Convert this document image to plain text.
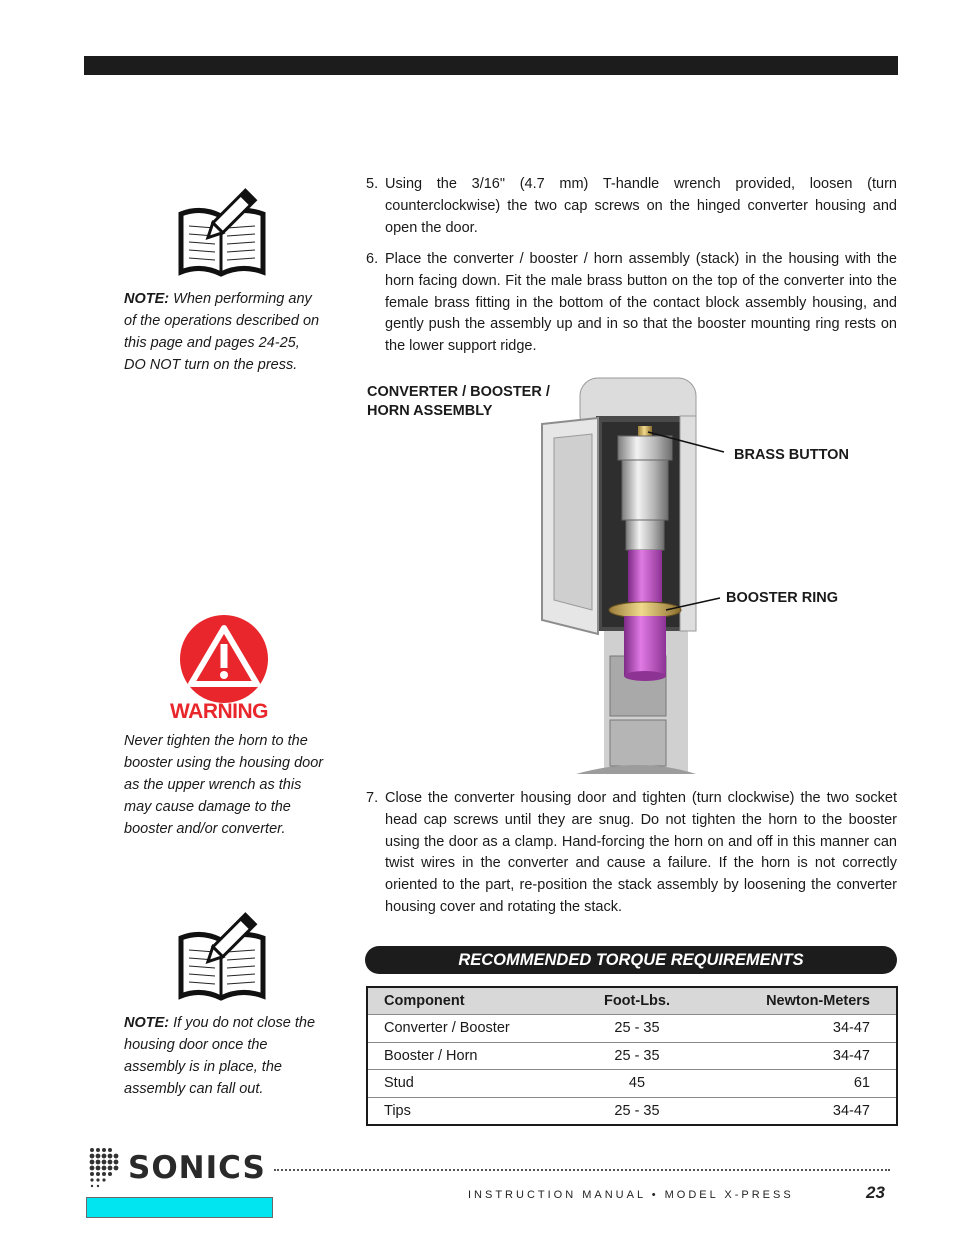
NOTE: When performing any of the operations described on this page and pages 24-25, DO NOT turn on the press.
WARNING
Never tighten the horn to the booster using the housing door as the upper wrench as this may cause damage to the booster and/or converter.
NOTE: If you do not close the housing door once the assembly is in place, the assembly can fall out.
5. Using the 3/16" (4.7 mm) T-handle wrench provided, loosen (turn counterclockwise) the two cap screws on the hinged converter housing and open the door.
6. Place the converter / booster / horn assembly (stack) in the housing with the horn facing down. Fit the male brass button on the top of the converter into the female brass fitting in the bottom of the contact block assembly housing, and gently push the assembly up and in so that the booster mounting ring rests on the lower support ridge.
CONVERTER / BOOSTER /
HORN ASSEMBLY
BRASS BUTTON
BOOSTER RING
7. Close the converter housing door and tighten (turn clockwise) the two socket head cap screws until they are snug. Do not tighten the horn to the booster using the door as a clamp. Hand-forcing the horn on and off in this manner can twist wires in the converter and cause a failure. If the horn is not correctly oriented to the part, re-position the stack assembly by loosening the converter housing cover and rotating the stack.
RECOMMENDED TORQUE REQUIREMENTS
Component	Foot-Lbs.	Newton-Meters
Converter / Booster	25 - 35	34-47
Booster / Horn	25 - 35	34-47
Stud	45	61
Tips	25 - 35	34-47
SONICS
INSTRUCTION MANUAL • MODEL X-PRESS	23
